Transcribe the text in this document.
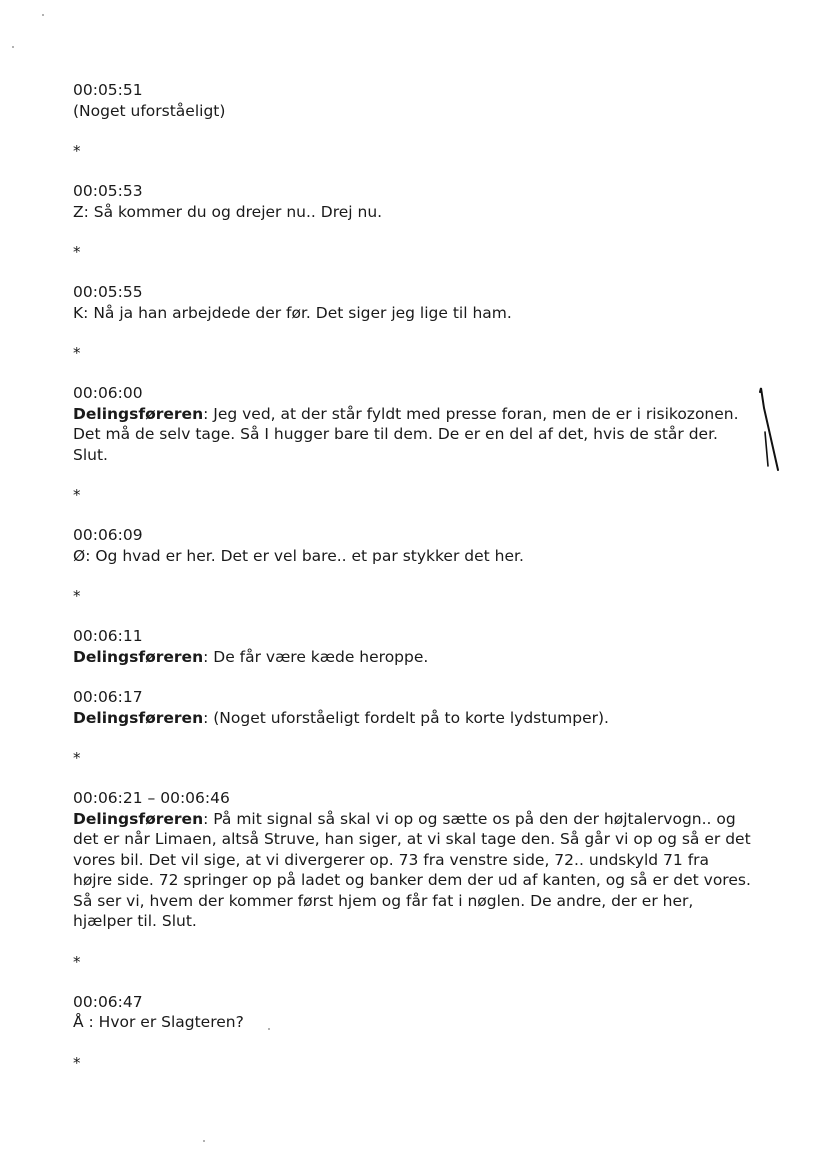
00:05:51
(Noget uforståeligt)
*
00:05:53
Z: Så kommer du og drejer nu.. Drej nu.
*
00:05:55
K: Nå ja han arbejdede der før. Det siger jeg lige til ham.
*
00:06:00
Delingsføreren: Jeg ved, at der står fyldt med presse foran, men de er i risikozonen. Det må de selv tage. Så I hugger bare til dem. De er en del af det, hvis de står der. Slut.
*
00:06:09
Ø: Og hvad er her. Det er vel bare.. et par stykker det her.
*
00:06:11
Delingsføreren: De får være kæde heroppe.
00:06:17
Delingsføreren: (Noget uforståeligt fordelt på to korte lydstumper).
*
00:06:21 – 00:06:46
Delingsføreren: På mit signal så skal vi op og sætte os på den der højtalervogn.. og det er når Limaen, altså Struve, han siger, at vi skal tage den. Så går vi op og så er det vores bil. Det vil sige, at vi divergerer op. 73 fra venstre side, 72.. undskyld 71 fra højre side. 72 springer op på ladet og banker dem der ud af kanten, og så er det vores. Så ser vi, hvem der kommer først hjem og får fat i nøglen. De andre, der er her, hjælper til. Slut.
*
00:06:47
Å : Hvor er Slagteren?
*
